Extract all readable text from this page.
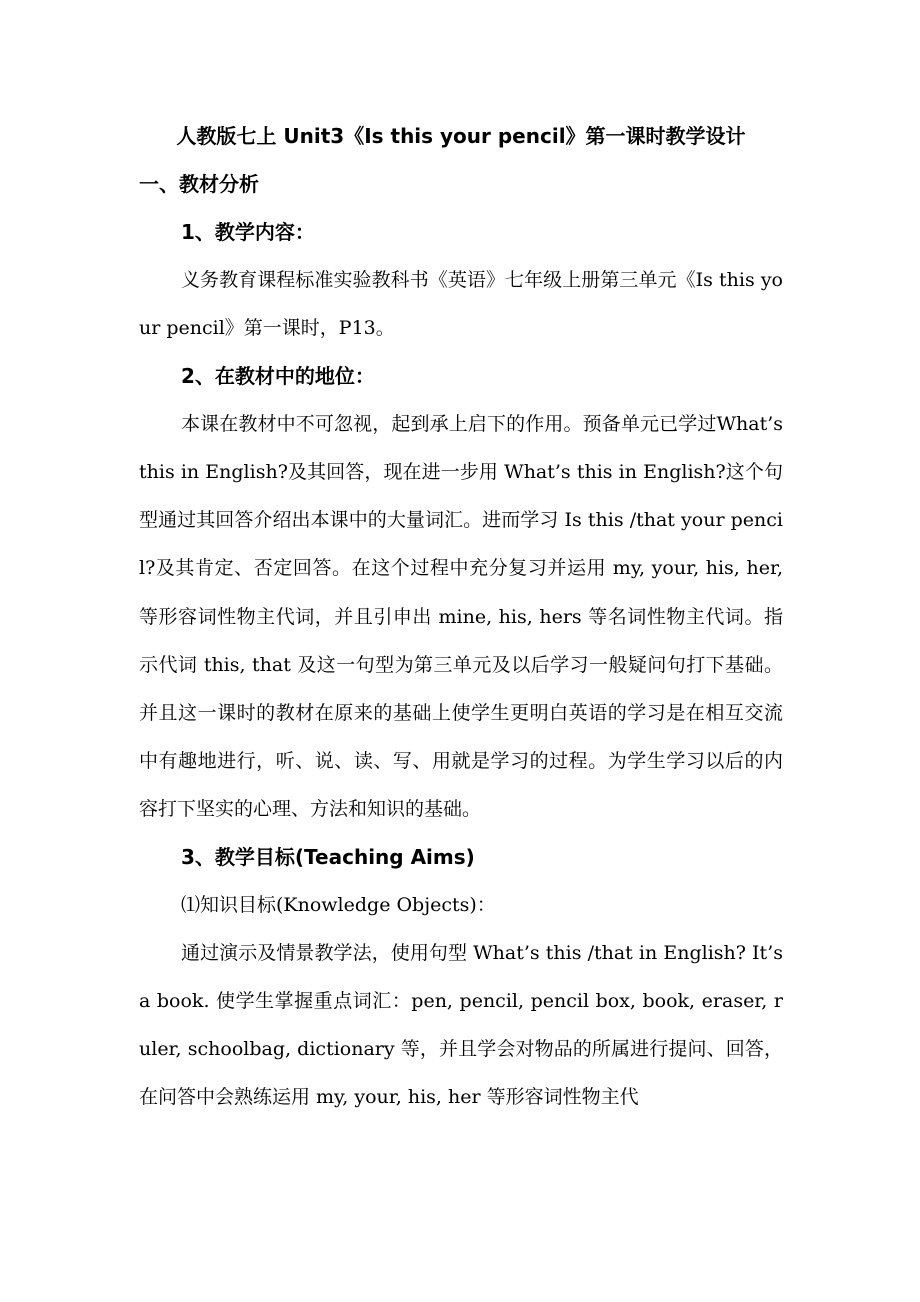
人教版七上 Unit3《Is this your pencil》第一课时教学设计
一、教材分析
1、教学内容：

义务教育课程标准实验教科书《英语》七年级上册第三单元《Is this your pencil》第一课时，P13。

2、在教材中的地位：

本课在教材中不可忽视，起到承上启下的作用。预备单元已学过What’s this in English?及其回答，现在进一步用 What’s this in English?这个句型通过其回答介绍出本课中的大量词汇。进而学习 Is this /that your pencil?及其肯定、否定回答。在这个过程中充分复习并运用 my, your, his, her, 等形容词性物主代词，并且引申出 mine, his, hers 等名词性物主代词。指示代词 this, that 及这一句型为第三单元及以后学习一般疑问句打下基础。并且这一课时的教材在原来的基础上使学生更明白英语的学习是在相互交流中有趣地进行，听、说、读、写、用就是学习的过程。为学生学习以后的内容打下坚实的心理、方法和知识的基础。

3、教学目标(Teaching Aims)
⑴知识目标(Knowledge Objects)：

通过演示及情景教学法，使用句型 What’s this /that in English? It’s a book. 使学生掌握重点词汇：pen, pencil, pencil box, book, eraser, ruler, schoolbag, dictionary 等，并且学会对物品的所属进行提问、回答，在问答中会熟练运用 my, your, his, her 等形容词性物主代
